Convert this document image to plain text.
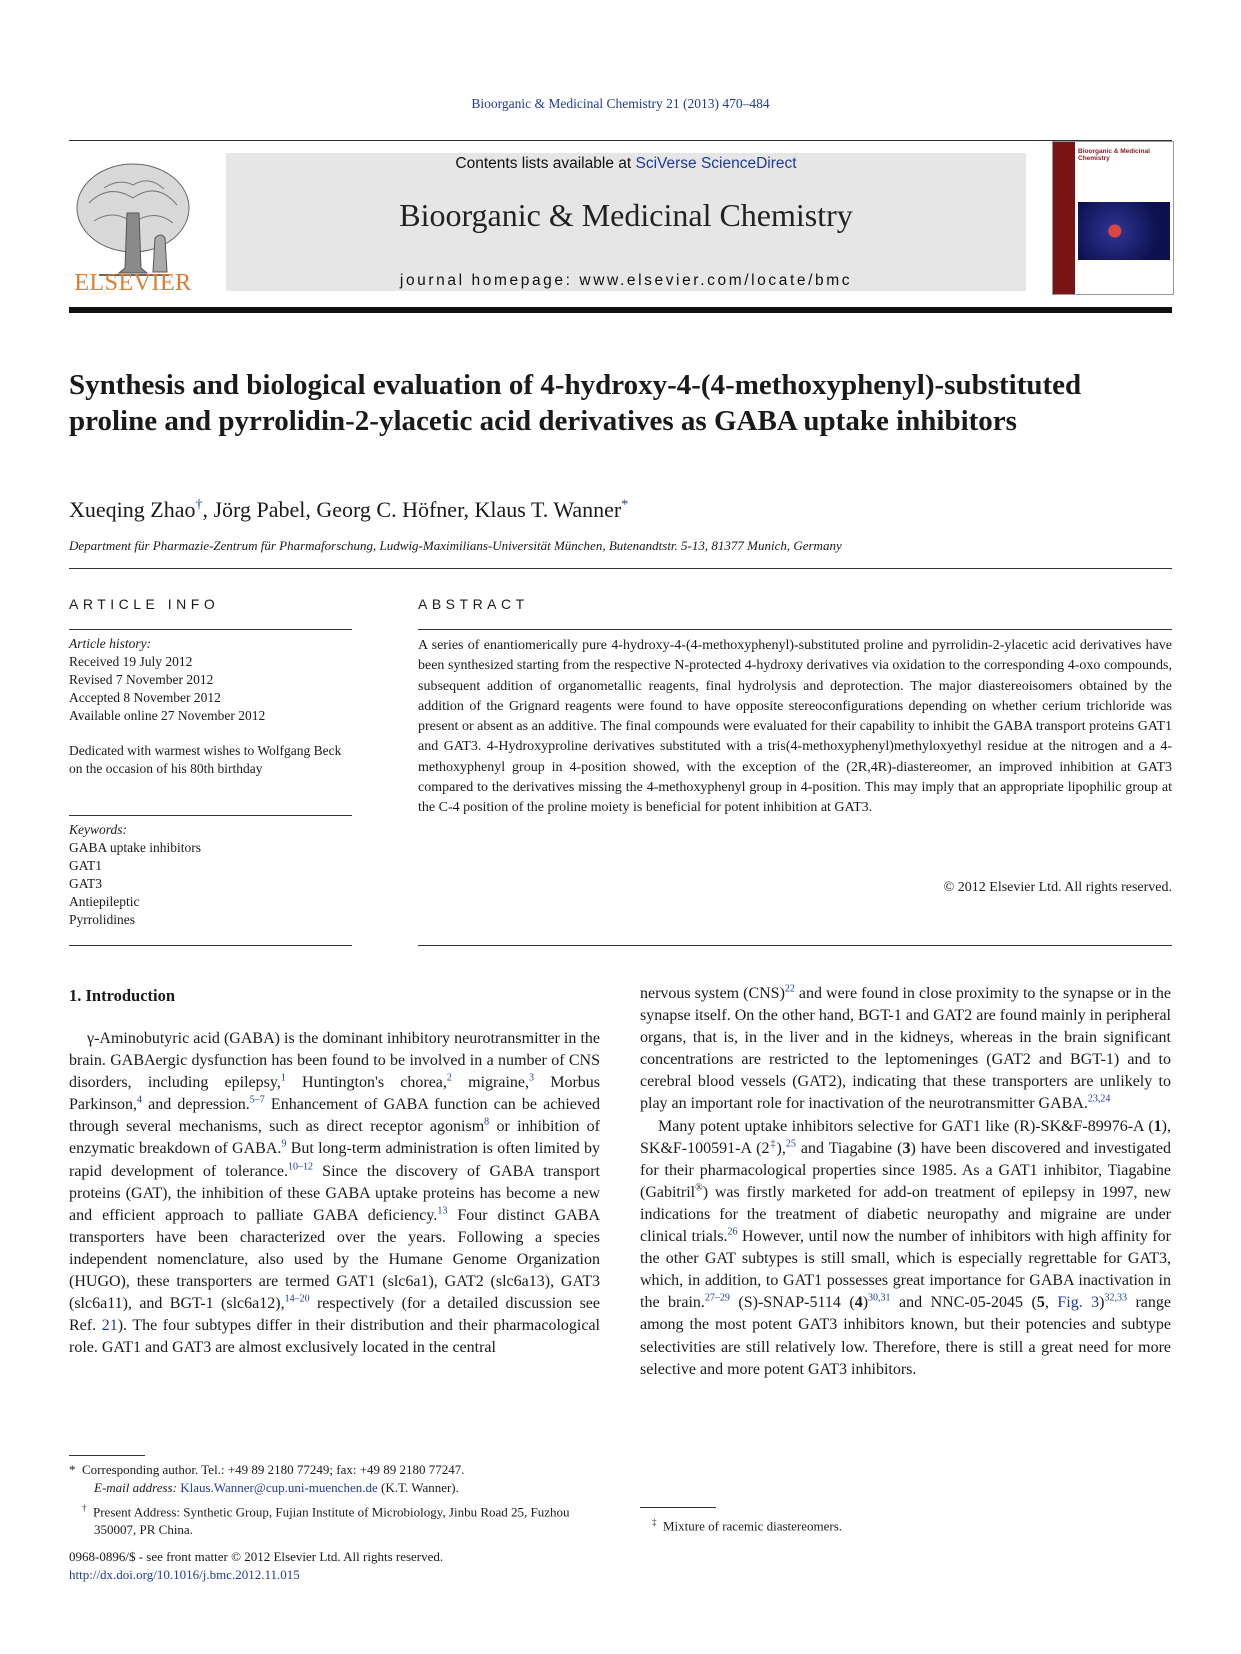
Bioorganic & Medicinal Chemistry 21 (2013) 470–484
Contents lists available at SciVerse ScienceDirect
Bioorganic & Medicinal Chemistry
journal homepage: www.elsevier.com/locate/bmc
ELSEVIER
Bioorganic & Medicinal Chemistry
Synthesis and biological evaluation of 4-hydroxy-4-(4-methoxyphenyl)-substituted proline and pyrrolidin-2-ylacetic acid derivatives as GABA uptake inhibitors
Xueqing Zhao†, Jörg Pabel, Georg C. Höfner, Klaus T. Wanner*
Department für Pharmazie-Zentrum für Pharmaforschung, Ludwig-Maximilians-Universität München, Butenandtstr. 5-13, 81377 Munich, Germany
ARTICLE INFO
Article history:
Received 19 July 2012
Revised 7 November 2012
Accepted 8 November 2012
Available online 27 November 2012
Dedicated with warmest wishes to Wolfgang Beck on the occasion of his 80th birthday
Keywords:
GABA uptake inhibitors
GAT1
GAT3
Antiepileptic
Pyrrolidines
ABSTRACT
A series of enantiomerically pure 4-hydroxy-4-(4-methoxyphenyl)-substituted proline and pyrrolidin-2-ylacetic acid derivatives have been synthesized starting from the respective N-protected 4-hydroxy derivatives via oxidation to the corresponding 4-oxo compounds, subsequent addition of organometallic reagents, final hydrolysis and deprotection. The major diastereoisomers obtained by the addition of the Grignard reagents were found to have opposite stereoconfigurations depending on whether cerium trichloride was present or absent as an additive. The final compounds were evaluated for their capability to inhibit the GABA transport proteins GAT1 and GAT3. 4-Hydroxyproline derivatives substituted with a tris(4-methoxyphenyl)methyloxyethyl residue at the nitrogen and a 4-methoxyphenyl group in 4-position showed, with the exception of the (2R,4R)-diastereomer, an improved inhibition at GAT3 compared to the derivatives missing the 4-methoxyphenyl group in 4-position. This may imply that an appropriate lipophilic group at the C-4 position of the proline moiety is beneficial for potent inhibition at GAT3.
© 2012 Elsevier Ltd. All rights reserved.
1. Introduction

γ-Aminobutyric acid (GABA) is the dominant inhibitory neurotransmitter in the brain. GABAergic dysfunction has been found to be involved in a number of CNS disorders, including epilepsy,$^1$ Huntington's chorea,$^2$ migraine,$^3$ Morbus Parkinson,$^4$ and depression.$^{5-7}$ Enhancement of GABA function can be achieved through several mechanisms, such as direct receptor agonism$^8$ or inhibition of enzymatic breakdown of GABA.$^9$ But long-term administration is often limited by rapid development of tolerance.$^{10-12}$ Since the discovery of GABA transport proteins (GAT), the inhibition of these GABA uptake proteins has become a new and efficient approach to palliate GABA deficiency.$^{13}$ Four distinct GABA transporters have been characterized over the years. Following a species independent nomenclature, also used by the Humane Genome Organization (HUGO), these transporters are termed GAT1 (slc6a1), GAT2 (slc6a13), GAT3 (slc6a11), and BGT-1 (slc6a12),$^{14-20}$ respectively (for a detailed discussion see Ref. 21). The four subtypes differ in their distribution and their pharmacological role. GAT1 and GAT3 are almost exclusively located in the central

nervous system (CNS)$^{22}$ and were found in close proximity to the synapse or in the synapse itself. On the other hand, BGT-1 and GAT2 are found mainly in peripheral organs, that is, in the liver and in the kidneys, whereas in the brain significant concentrations are restricted to the leptomeninges (GAT2 and BGT-1) and to cerebral blood vessels (GAT2), indicating that these transporters are unlikely to play an important role for inactivation of the neurotransmitter GABA.$^{23,24}$

Many potent uptake inhibitors selective for GAT1 like (R)-SK&F-89976-A (1), SK&F-100591-A (2‡),$^{25}$ and Tiagabine (3) have been discovered and investigated for their pharmacological properties since 1985. As a GAT1 inhibitor, Tiagabine (Gabitril®) was firstly marketed for add-on treatment of epilepsy in 1997, new indications for the treatment of diabetic neuropathy and migraine are under clinical trials.$^{26}$ However, until now the number of inhibitors with high affinity for the other GAT subtypes is still small, which is especially regrettable for GAT3, which, in addition, to GAT1 possesses great importance for GABA inactivation in the brain.$^{27-29}$ (S)-SNAP-5114 $(4)^{30,31}$ and NNC-05-2045 (5, Fig. 3)$^{32,33}$ range among the most potent GAT3 inhibitors known, but their potencies and subtype selectivities are still relatively low. Therefore, there is still a great need for more selective and more potent GAT3 inhibitors.

* Corresponding author. Tel.: +49 89 2180 77249; fax: +49 89 2180 77247.
E-mail address: Klaus.Wanner@cup.uni-muenchen.de (K.T. Wanner).
† Present Address: Synthetic Group, Fujian Institute of Microbiology, Jinbu Road 25, Fuzhou 350007, PR China.
0968-0896/$ - see front matter © 2012 Elsevier Ltd. All rights reserved.
http://dx.doi.org/10.1016/j.bmc.2012.11.015
‡ Mixture of racemic diastereomers.
